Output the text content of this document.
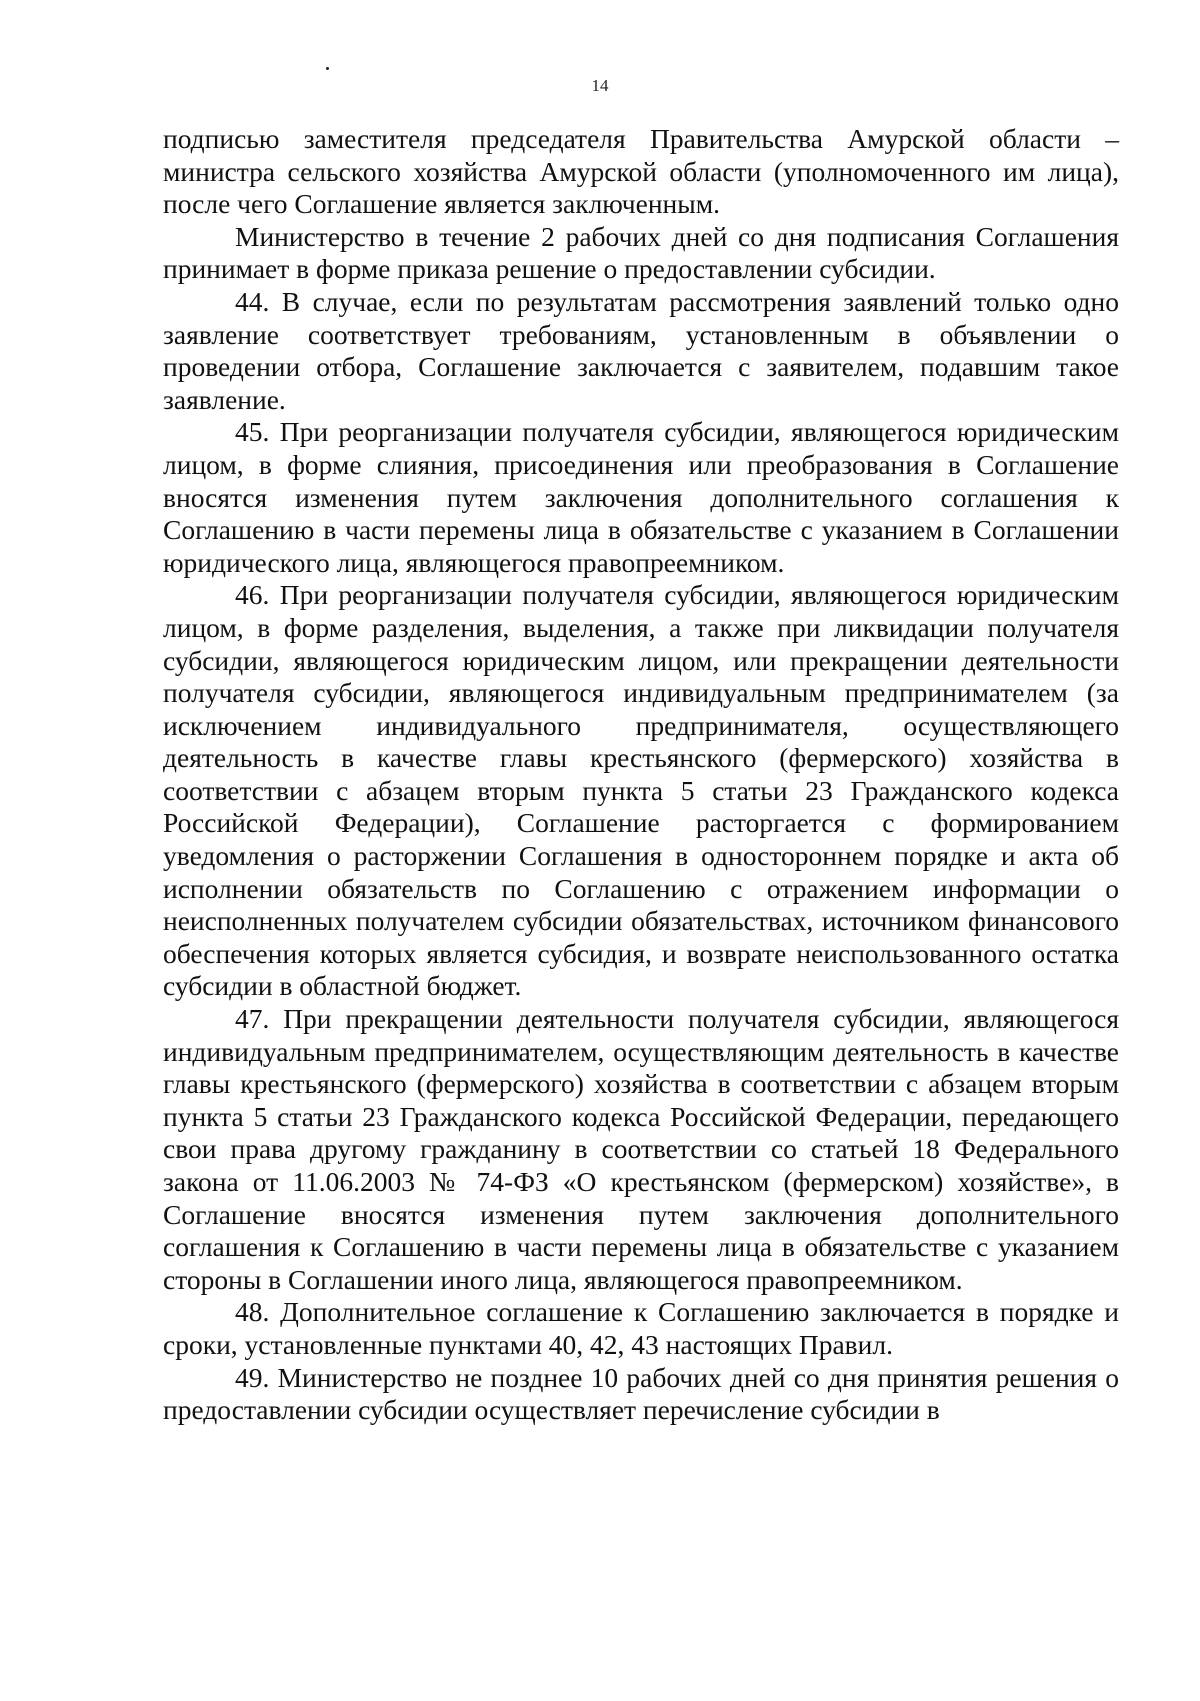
14

подписью заместителя председателя Правительства Амурской области – министра сельского хозяйства Амурской области (уполномоченного им лица), после чего Соглашение является заключенным.

Министерство в течение 2 рабочих дней со дня подписания Соглашения принимает в форме приказа решение о предоставлении субсидии.

44. В случае, если по результатам рассмотрения заявлений только одно заявление соответствует требованиям, установленным в объявлении о проведении отбора, Соглашение заключается с заявителем, подавшим такое заявление.

45. При реорганизации получателя субсидии, являющегося юридическим лицом, в форме слияния, присоединения или преобразования в Соглашение вносятся изменения путем заключения дополнительного соглашения к Соглашению в части перемены лица в обязательстве с указанием в Соглашении юридического лица, являющегося правопреемником.

46. При реорганизации получателя субсидии, являющегося юридическим лицом, в форме разделения, выделения, а также при ликвидации получателя субсидии, являющегося юридическим лицом, или прекращении деятельности получателя субсидии, являющегося индивидуальным предпринимателем (за исключением индивидуального предпринимателя, осуществляющего деятельность в качестве главы крестьянского (фермерского) хозяйства в соответствии с абзацем вторым пункта 5 статьи 23 Гражданского кодекса Российской Федерации), Соглашение расторгается с формированием уведомления о расторжении Соглашения в одностороннем порядке и акта об исполнении обязательств по Соглашению с отражением информации о неисполненных получателем субсидии обязательствах, источником финансового обеспечения которых является субсидия, и возврате неиспользованного остатка субсидии в областной бюджет.

47. При прекращении деятельности получателя субсидии, являющегося индивидуальным предпринимателем, осуществляющим деятельность в качестве главы крестьянского (фермерского) хозяйства в соответствии с абзацем вторым пункта 5 статьи 23 Гражданского кодекса Российской Федерации, передающего свои права другому гражданину в соответствии со статьей 18 Федерального закона от 11.06.2003 № 74-ФЗ «О крестьянском (фермерском) хозяйстве», в Соглашение вносятся изменения путем заключения дополнительного соглашения к Соглашению в части перемены лица в обязательстве с указанием стороны в Соглашении иного лица, являющегося правопреемником.

48. Дополнительное соглашение к Соглашению заключается в порядке и сроки, установленные пунктами 40, 42, 43 настоящих Правил.

49. Министерство не позднее 10 рабочих дней со дня принятия решения о предоставлении субсидии осуществляет перечисление субсидии в
